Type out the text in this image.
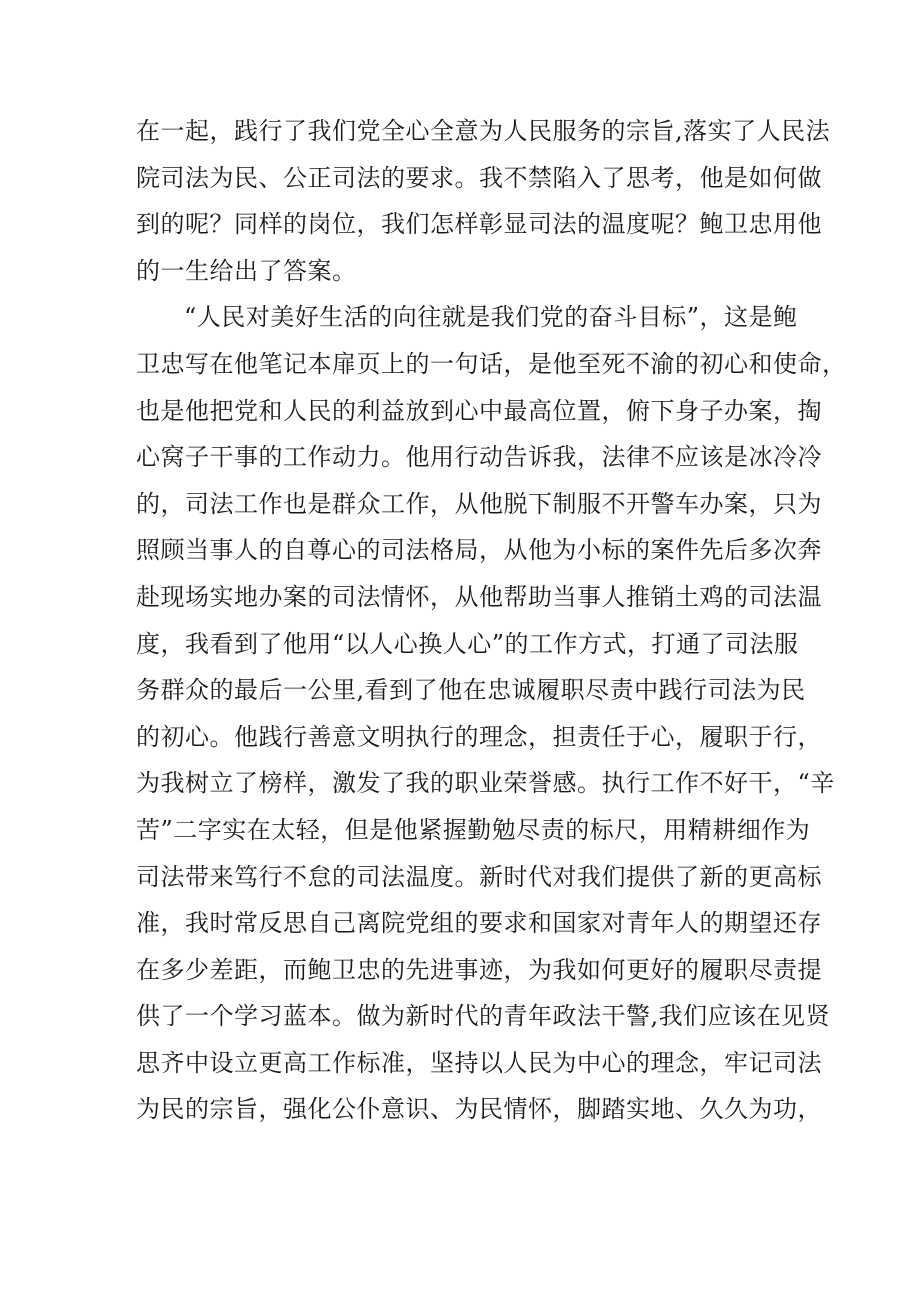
在一起，践行了我们党全心全意为人民服务的宗旨,落实了人民法
院司法为民、公正司法的要求。我不禁陷入了思考，他是如何做
到的呢？同样的岗位，我们怎样彰显司法的温度呢？鲍卫忠用他
的一生给出了答案。
“人民对美好生活的向往就是我们党的奋斗目标”，这是鲍
卫忠写在他笔记本扉页上的一句话，是他至死不渝的初心和使命，
也是他把党和人民的利益放到心中最高位置，俯下身子办案，掏
心窝子干事的工作动力。他用行动告诉我，法律不应该是冰冷冷
的，司法工作也是群众工作，从他脱下制服不开警车办案，只为
照顾当事人的自尊心的司法格局，从他为小标的案件先后多次奔
赴现场实地办案的司法情怀，从他帮助当事人推销土鸡的司法温
度，我看到了他用“以人心换人心”的工作方式，打通了司法服
务群众的最后一公里,看到了他在忠诚履职尽责中践行司法为民
的初心。他践行善意文明执行的理念，担责任于心，履职于行，
为我树立了榜样，激发了我的职业荣誉感。执行工作不好干，“辛
苦”二字实在太轻，但是他紧握勤勉尽责的标尺，用精耕细作为
司法带来笃行不怠的司法温度。新时代对我们提供了新的更高标
准，我时常反思自己离院党组的要求和国家对青年人的期望还存
在多少差距，而鲍卫忠的先进事迹，为我如何更好的履职尽责提
供了一个学习蓝本。做为新时代的青年政法干警,我们应该在见贤
思齐中设立更高工作标准，坚持以人民为中心的理念，牢记司法
为民的宗旨，强化公仆意识、为民情怀，脚踏实地、久久为功，
